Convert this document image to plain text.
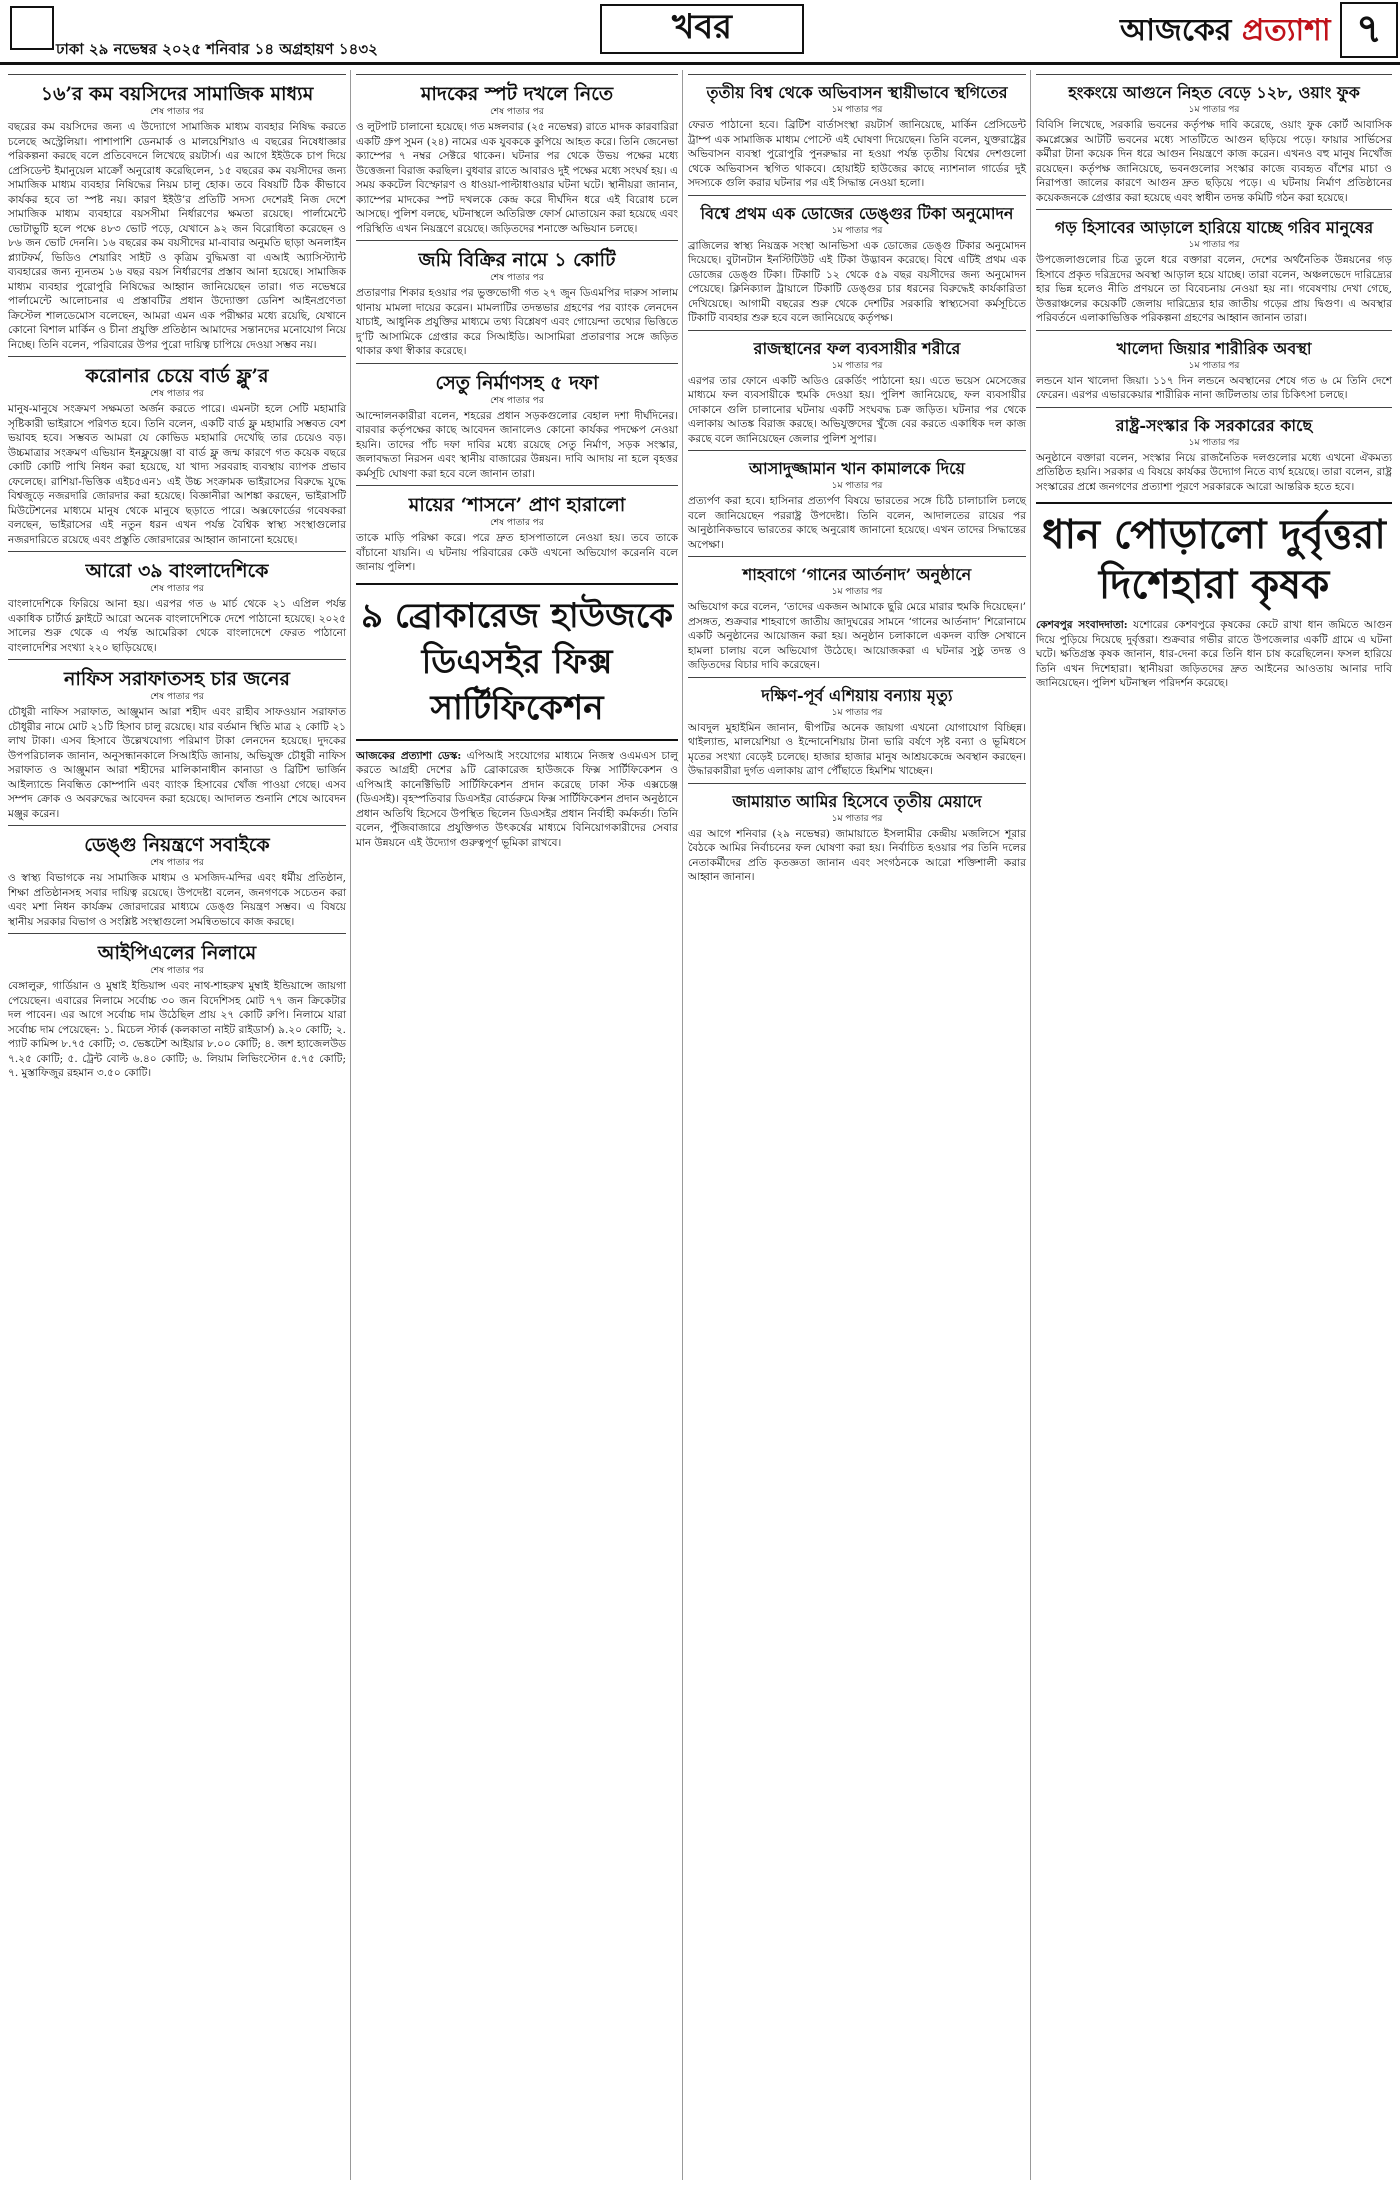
ঢাকা ২৯ নভেম্বর ২০২৫ শনিবার ১৪ অগ্রহায়ণ ১৪৩২
খবর	আজকের প্রত্যাশা ৭
১৬’র কম বয়সিদের সামাজিক মাধ্যম
শেষ পাতার পর
বছরের কম বয়সিদের জন্য এ উদ্যোগে সামাজিক মাধ্যম ব্যবহার নিষিদ্ধ করতে চলেছে অস্ট্রেলিয়া। পাশাপাশি ডেনমার্ক ও মালয়েশিয়াও এ বছরের নিষেধাজ্ঞার পরিকল্পনা করছে বলে প্রতিবেদনে লিখেছে রয়টার্স। এর আগে ইইউকে চাপ দিয়ে প্রেসিডেন্ট ইমানুয়েল মাক্রোঁ অনুরোধ করেছিলেন, ১৫ বছরের কম বয়সীদের জন্য সামাজিক মাধ্যম ব্যবহার নিষিদ্ধের নিয়ম চালু হোক। তবে বিষয়টি ঠিক কীভাবে কার্যকর হবে তা স্পষ্ট নয়। কারণ ইইউ’র প্রতিটি সদস্য দেশেরই নিজ দেশে সামাজিক মাধ্যম ব্যবহারে বয়সসীমা নির্ধারণের ক্ষমতা রয়েছে। পার্লামেন্টে ভোটাভুটি হলে পক্ষে ৪৮৩ ভোট পড়ে, যেখানে ৯২ জন বিরোধিতা করেছেন ও ৮৬ জন ভোট দেননি। ১৬ বছরের কম বয়সীদের মা-বাবার অনুমতি ছাড়া অনলাইন প্ল্যাটফর্ম, ভিডিও শেয়ারিং সাইট ও কৃত্রিম বুদ্ধিমত্তা বা এআই অ্যাসিস্ট্যান্ট ব্যবহারের জন্য ন্যূনতম ১৬ বছর বয়স নির্ধারণের প্রস্তাব আনা হয়েছে। সামাজিক মাধ্যম ব্যবহার পুরোপুরি নিষিদ্ধের আহ্বান জানিয়েছেন তারা। গত নভেম্বরে পার্লামেন্টে আলোচনার এ প্রস্তাবটির প্রধান উদ্যোক্তা ডেনিশ আইনপ্রণেতা ক্রিস্টেল শালডেমোস বলেছেন, আমরা এমন এক পরীক্ষার মধ্যে রয়েছি, যেখানে কোনো বিশাল মার্কিন ও চীনা প্রযুক্তি প্রতিষ্ঠান আমাদের সন্তানদের মনোযোগ নিয়ে নিচ্ছে। তিনি বলেন, পরিবারের উপর পুরো দায়িত্ব চাপিয়ে দেওয়া সম্ভব নয়।
করোনার চেয়ে বার্ড ফ্লু’র
শেষ পাতার পর
মানুষ-মানুষে সংক্রমণ সক্ষমতা অর্জন করতে পারে। এমনটা হলে সেটি মহামারি সৃষ্টিকারী ভাইরাসে পরিণত হবে। তিনি বলেন, একটি বার্ড ফ্লু মহামারি সম্ভবত বেশ ভয়াবহ হবে। সম্ভবত আমরা যে কোভিড মহামারি দেখেছি তার চেয়েও বড়। উচ্চমাত্রার সংক্রমণ এভিয়ান ইনফ্লুয়েঞ্জা বা বার্ড ফ্লু জন্ম কারণে গত কয়েক বছরে কোটি কোটি পাখি নিধন করা হয়েছে, যা খাদ্য সরবরাহ ব্যবস্থায় ব্যাপক প্রভাব ফেলেছে। রাশিয়া-ভিত্তিক এইচ৫এন১ এই উচ্চ সংক্রামক ভাইরাসের বিরুদ্ধে যুদ্ধে বিশ্বজুড়ে নজরদারি জোরদার করা হয়েছে। বিজ্ঞানীরা আশঙ্কা করছেন, ভাইরাসটি মিউটেশনের মাধ্যমে মানুষ থেকে মানুষে ছড়াতে পারে। অক্সফোর্ডের গবেষকরা বলছেন, ভাইরাসের এই নতুন ধরন এখন পর্যন্ত বৈশ্বিক স্বাস্থ্য সংস্থাগুলোর নজরদারিতে রয়েছে এবং প্রস্তুতি জোরদারের আহ্বান জানানো হয়েছে।
আরো ৩৯ বাংলাদেশিকে
শেষ পাতার পর
বাংলাদেশিকে ফিরিয়ে আনা হয়। এরপর গত ৬ মার্চ থেকে ২১ এপ্রিল পর্যন্ত একাধিক চার্টার্ড ফ্লাইটে আরো অনেক বাংলাদেশিকে দেশে পাঠানো হয়েছে। ২০২৫ সালের শুরু থেকে এ পর্যন্ত আমেরিকা থেকে বাংলাদেশে ফেরত পাঠানো বাংলাদেশির সংখ্যা ২২০ ছাড়িয়েছে।
নাফিস সরাফাতসহ চার জনের
শেষ পাতার পর
চৌধুরী নাফিস সরাফাত, আঞ্জুমান আরা শহীদ এবং রাহীব সাফওয়ান সরাফাত চৌধুরীর নামে মোট ২১টি হিসাব চালু রয়েছে। যার বর্তমান স্থিতি মাত্র ২ কোটি ২১ লাখ টাকা। এসব হিসাবে উল্লেখযোগ্য পরিমাণ টাকা লেনদেন হয়েছে। দুদকের উপপরিচালক জানান, অনুসন্ধানকালে সিআইডি জানায়, অভিযুক্ত চৌধুরী নাফিস সরাফাত ও আঞ্জুমান আরা শহীদের মালিকানাধীন কানাডা ও ব্রিটিশ ভার্জিন আইল্যান্ডে নিবন্ধিত কোম্পানি এবং ব্যাংক হিসাবের খোঁজ পাওয়া গেছে। এসব সম্পদ ক্রোক ও অবরুদ্ধের আবেদন করা হয়েছে। আদালত শুনানি শেষে আবেদন মঞ্জুর করেন।
ডেঙ্গু নিয়ন্ত্রণে সবাইকে
শেষ পাতার পর
ও স্বাস্থ্য বিভাগকে নয় সামাজিক মাধ্যম ও মসজিদ-মন্দির এবং ধর্মীয় প্রতিষ্ঠান, শিক্ষা প্রতিষ্ঠানসহ সবার দায়িত্ব রয়েছে। উপদেষ্টা বলেন, জনগণকে সচেতন করা এবং মশা নিধন কার্যক্রম জোরদারের মাধ্যমে ডেঙ্গু নিয়ন্ত্রণ সম্ভব। এ বিষয়ে স্থানীয় সরকার বিভাগ ও সংশ্লিষ্ট সংস্থাগুলো সমন্বিতভাবে কাজ করছে।
আইপিএলের নিলামে
শেষ পাতার পর
বেঙ্গালুরু, গার্ডিয়ান ও মুম্বাই ইন্ডিয়ান্স এবং নাথ-শাহরুখ মুম্বাই ইন্ডিয়ান্সে জায়গা পেয়েছেন। এবারের নিলামে সর্বোচ্চ ৩০ জন বিদেশিসহ মোট ৭৭ জন ক্রিকেটার দল পাবেন। এর আগে সর্বোচ্চ দাম উঠেছিল প্রায় ২৭ কোটি রুপি। নিলামে যারা সর্বোচ্চ দাম পেয়েছেন: ১. মিচেল স্টার্ক (কলকাতা নাইট রাইডার্স) ৯.২০ কোটি; ২. প্যাট কামিন্স ৮.৭৫ কোটি; ৩. ভেঙ্কটেশ আইয়ার ৮.০০ কোটি; ৪. জশ হ্যাজেলউড ৭.২৫ কোটি; ৫. ট্রেন্ট বোল্ট ৬.৪০ কোটি; ৬. লিয়াম লিভিংস্টোন ৫.৭৫ কোটি; ৭. মুস্তাফিজুর রহমান ৩.৫০ কোটি।
মাদকের স্পট দখলে নিতে
শেষ পাতার পর
ও লুটপাট চালানো হয়েছে। গত মঙ্গলবার (২৫ নভেম্বর) রাতে মাদক কারবারিরা একটি গ্রুপ সুমন (২৪) নামের এক যুবককে কুপিয়ে আহত করে। তিনি জেনেভা ক্যাম্পের ৭ নম্বর সেক্টরে থাকেন। ঘটনার পর থেকে উভয় পক্ষের মধ্যে উত্তেজনা বিরাজ করছিল। বুধবার রাতে আবারও দুই পক্ষের মধ্যে সংঘর্ষ হয়। এ সময় ককটেল বিস্ফোরণ ও ধাওয়া-পাল্টাধাওয়ার ঘটনা ঘটে। স্থানীয়রা জানান, ক্যাম্পের মাদকের স্পট দখলকে কেন্দ্র করে দীর্ঘদিন ধরে এই বিরোধ চলে আসছে। পুলিশ বলছে, ঘটনাস্থলে অতিরিক্ত ফোর্স মোতায়েন করা হয়েছে এবং পরিস্থিতি এখন নিয়ন্ত্রণে রয়েছে। জড়িতদের শনাক্তে অভিযান চলছে।
জমি বিক্রির নামে ১ কোটি
শেষ পাতার পর
প্রতারণার শিকার হওয়ার পর ভুক্তভোগী গত ২৭ জুন ডিএমপির দারুস সালাম থানায় মামলা দায়ের করেন। মামলাটির তদন্তভার গ্রহণের পর ব্যাংক লেনদেন যাচাই, আধুনিক প্রযুক্তির মাধ্যমে তথ্য বিশ্লেষণ এবং গোয়েন্দা তথ্যের ভিত্তিতে দু’টি আসামিকে গ্রেপ্তার করে সিআইডি। আসামিরা প্রতারণার সঙ্গে জড়িত থাকার কথা স্বীকার করেছে।
সেতু নির্মাণসহ ৫ দফা
শেষ পাতার পর
আন্দোলনকারীরা বলেন, শহরের প্রধান সড়কগুলোর বেহাল দশা দীর্ঘদিনের। বারবার কর্তৃপক্ষের কাছে আবেদন জানালেও কোনো কার্যকর পদক্ষেপ নেওয়া হয়নি। তাদের পাঁচ দফা দাবির মধ্যে রয়েছে সেতু নির্মাণ, সড়ক সংস্কার, জলাবদ্ধতা নিরসন এবং স্থানীয় বাজারের উন্নয়ন। দাবি আদায় না হলে বৃহত্তর কর্মসূচি ঘোষণা করা হবে বলে জানান তারা।
মায়ের ‘শাসনে’ প্রাণ হারালো
শেষ পাতার পর
তাকে মাড়ি পরিক্ষা করে। পরে দ্রুত হাসপাতালে নেওয়া হয়। তবে তাকে বাঁচানো যায়নি। এ ঘটনায় পরিবারের কেউ এখনো অভিযোগ করেননি বলে জানায় পুলিশ।
৯ ব্রোকারেজ হাউজকে ডিএসইর ফিক্স সার্টিফিকেশন
আজকের প্রত্যাশা ডেস্ক: এপিআই সংযোগের মাধ্যমে নিজস্ব ওএমএস চালু করতে আগ্রহী দেশের ৯টি ব্রোকারেজ হাউজকে ফিক্স সার্টিফিকেশন ও এপিআই কানেক্টিভিটি সার্টিফিকেশন প্রদান করেছে ঢাকা স্টক এক্সচেঞ্জ (ডিএসই)। বৃহস্পতিবার ডিএসইর বোর্ডরুমে ফিক্স সার্টিফিকেশন প্রদান অনুষ্ঠানে প্রধান অতিথি হিসেবে উপস্থিত ছিলেন ডিএসইর প্রধান নির্বাহী কর্মকর্তা। তিনি বলেন, পুঁজিবাজারে প্রযুক্তিগত উৎকর্ষের মাধ্যমে বিনিয়োগকারীদের সেবার মান উন্নয়নে এই উদ্যোগ গুরুত্বপূর্ণ ভূমিকা রাখবে।
তৃতীয় বিশ্ব থেকে অভিবাসন স্থায়ীভাবে স্থগিতের
১ম পাতার পর
ফেরত পাঠানো হবে। ব্রিটিশ বার্তাসংস্থা রয়টার্স জানিয়েছে, মার্কিন প্রেসিডেন্ট ট্রাম্প এক সামাজিক মাধ্যম পোস্টে এই ঘোষণা দিয়েছেন। তিনি বলেন, যুক্তরাষ্ট্রের অভিবাসন ব্যবস্থা পুরোপুরি পুনরুদ্ধার না হওয়া পর্যন্ত তৃতীয় বিশ্বের দেশগুলো থেকে অভিবাসন স্থগিত থাকবে। হোয়াইট হাউজের কাছে ন্যাশনাল গার্ডের দুই সদস্যকে গুলি করার ঘটনার পর এই সিদ্ধান্ত নেওয়া হলো।
বিশ্বে প্রথম এক ডোজের ডেঙ্গুর টিকা অনুমোদন
১ম পাতার পর
ব্রাজিলের স্বাস্থ্য নিয়ন্ত্রক সংস্থা আনভিসা এক ডোজের ডেঙ্গু টিকার অনুমোদন দিয়েছে। বুটানটান ইনস্টিটিউট এই টিকা উদ্ভাবন করেছে। বিশ্বে এটিই প্রথম এক ডোজের ডেঙ্গু টিকা। টিকাটি ১২ থেকে ৫৯ বছর বয়সীদের জন্য অনুমোদন পেয়েছে। ক্লিনিক্যাল ট্রায়ালে টিকাটি ডেঙ্গুর চার ধরনের বিরুদ্ধেই কার্যকারিতা দেখিয়েছে। আগামী বছরের শুরু থেকে দেশটির সরকারি স্বাস্থ্যসেবা কর্মসূচিতে টিকাটি ব্যবহার শুরু হবে বলে জানিয়েছে কর্তৃপক্ষ।
রাজস্থানের ফল ব্যবসায়ীর শরীরে
১ম পাতার পর
এরপর তার ফোনে একটি অডিও রেকর্ডিং পাঠানো হয়। এতে ভয়েস মেসেজের মাধ্যমে ফল ব্যবসায়ীকে হুমকি দেওয়া হয়। পুলিশ জানিয়েছে, ফল ব্যবসায়ীর দোকানে গুলি চালানোর ঘটনায় একটি সংঘবদ্ধ চক্র জড়িত। ঘটনার পর থেকে এলাকায় আতঙ্ক বিরাজ করছে। অভিযুক্তদের খুঁজে বের করতে একাধিক দল কাজ করছে বলে জানিয়েছেন জেলার পুলিশ সুপার।
আসাদুজ্জামান খান কামালকে দিয়ে
১ম পাতার পর
প্রত্যর্পণ করা হবে। হাসিনার প্রত্যর্পণ বিষয়ে ভারতের সঙ্গে চিঠি চালাচালি চলছে বলে জানিয়েছেন পররাষ্ট্র উপদেষ্টা। তিনি বলেন, আদালতের রায়ের পর আনুষ্ঠানিকভাবে ভারতের কাছে অনুরোধ জানানো হয়েছে। এখন তাদের সিদ্ধান্তের অপেক্ষা।
শাহবাগে ‘গানের আর্তনাদ’ অনুষ্ঠানে
১ম পাতার পর
অভিযোগ করে বলেন, ‘তাদের একজন আমাকে ছুরি মেরে মারার হুমকি দিয়েছেন।’ প্রসঙ্গত, শুক্রবার শাহবাগে জাতীয় জাদুঘরের সামনে ‘গানের আর্তনাদ’ শিরোনামে একটি অনুষ্ঠানের আয়োজন করা হয়। অনুষ্ঠান চলাকালে একদল ব্যক্তি সেখানে হামলা চালায় বলে অভিযোগ উঠেছে। আয়োজকরা এ ঘটনার সুষ্ঠু তদন্ত ও জড়িতদের বিচার দাবি করেছেন।
দক্ষিণ-পূর্ব এশিয়ায় বন্যায় মৃত্যু
১ম পাতার পর
আবদুল মুহাইমিন জানান, দ্বীপটির অনেক জায়গা এখনো যোগাযোগ বিচ্ছিন্ন। থাইল্যান্ড, মালয়েশিয়া ও ইন্দোনেশিয়ায় টানা ভারি বর্ষণে সৃষ্ট বন্যা ও ভূমিধসে মৃতের সংখ্যা বেড়েই চলেছে। হাজার হাজার মানুষ আশ্রয়কেন্দ্রে অবস্থান করছেন। উদ্ধারকারীরা দুর্গত এলাকায় ত্রাণ পৌঁছাতে হিমশিম খাচ্ছেন।
জামায়াত আমির হিসেবে তৃতীয় মেয়াদে
১ম পাতার পর
এর আগে শনিবার (২৯ নভেম্বর) জামায়াতে ইসলামীর কেন্দ্রীয় মজলিসে শূরার বৈঠকে আমির নির্বাচনের ফল ঘোষণা করা হয়। নির্বাচিত হওয়ার পর তিনি দলের নেতাকর্মীদের প্রতি কৃতজ্ঞতা জানান এবং সংগঠনকে আরো শক্তিশালী করার আহ্বান জানান।
হংকংয়ে আগুনে নিহত বেড়ে ১২৮, ওয়াং ফুক
১ম পাতার পর
বিবিসি লিখেছে, সরকারি ভবনের কর্তৃপক্ষ দাবি করেছে, ওয়াং ফুক কোর্ট আবাসিক কমপ্লেক্সের আটটি ভবনের মধ্যে সাতটিতে আগুন ছড়িয়ে পড়ে। ফায়ার সার্ভিসের কর্মীরা টানা কয়েক দিন ধরে আগুন নিয়ন্ত্রণে কাজ করেন। এখনও বহু মানুষ নিখোঁজ রয়েছেন। কর্তৃপক্ষ জানিয়েছে, ভবনগুলোর সংস্কার কাজে ব্যবহৃত বাঁশের মাচা ও নিরাপত্তা জালের কারণে আগুন দ্রুত ছড়িয়ে পড়ে। এ ঘটনায় নির্মাণ প্রতিষ্ঠানের কয়েকজনকে গ্রেপ্তার করা হয়েছে এবং স্বাধীন তদন্ত কমিটি গঠন করা হয়েছে।
গড় হিসাবের আড়ালে হারিয়ে যাচ্ছে গরিব মানুষের
১ম পাতার পর
উপজেলাগুলোর চিত্র তুলে ধরে বক্তারা বলেন, দেশের অর্থনৈতিক উন্নয়নের গড় হিসাবে প্রকৃত দরিদ্রদের অবস্থা আড়াল হয়ে যাচ্ছে। তারা বলেন, অঞ্চলভেদে দারিদ্র্যের হার ভিন্ন হলেও নীতি প্রণয়নে তা বিবেচনায় নেওয়া হয় না। গবেষণায় দেখা গেছে, উত্তরাঞ্চলের কয়েকটি জেলায় দারিদ্র্যের হার জাতীয় গড়ের প্রায় দ্বিগুণ। এ অবস্থার পরিবর্তনে এলাকাভিত্তিক পরিকল্পনা গ্রহণের আহ্বান জানান তারা।
খালেদা জিয়ার শারীরিক অবস্থা
১ম পাতার পর
লন্ডনে যান খালেদা জিয়া। ১১৭ দিন লন্ডনে অবস্থানের শেষে গত ৬ মে তিনি দেশে ফেরেন। এরপর এভারকেয়ার শারীরিক নানা জটিলতায় তার চিকিৎসা চলছে।
রাষ্ট্র-সংস্কার কি সরকারের কাছে
১ম পাতার পর
অনুষ্ঠানে বক্তারা বলেন, সংস্কার নিয়ে রাজনৈতিক দলগুলোর মধ্যে এখনো ঐকমত্য প্রতিষ্ঠিত হয়নি। সরকার এ বিষয়ে কার্যকর উদ্যোগ নিতে ব্যর্থ হয়েছে। তারা বলেন, রাষ্ট্র সংস্কারের প্রশ্নে জনগণের প্রত্যাশা পূরণে সরকারকে আরো আন্তরিক হতে হবে।
ধান পোড়ালো দুর্বৃত্তরা দিশেহারা কৃষক
কেশবপুর সংবাদদাতা: যশোরের কেশবপুরে কৃষকের কেটে রাখা ধান জমিতে আগুন দিয়ে পুড়িয়ে দিয়েছে দুর্বৃত্তরা। শুক্রবার গভীর রাতে উপজেলার একটি গ্রামে এ ঘটনা ঘটে। ক্ষতিগ্রস্ত কৃষক জানান, ধার-দেনা করে তিনি ধান চাষ করেছিলেন। ফসল হারিয়ে তিনি এখন দিশেহারা। স্থানীয়রা জড়িতদের দ্রুত আইনের আওতায় আনার দাবি জানিয়েছেন। পুলিশ ঘটনাস্থল পরিদর্শন করেছে।
